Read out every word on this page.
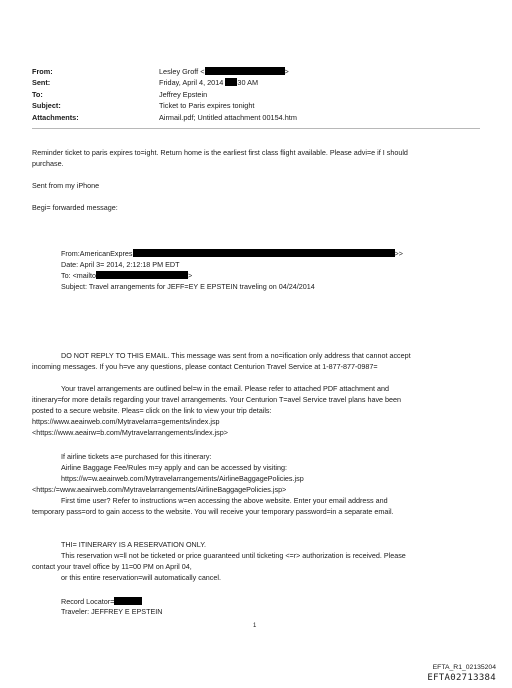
From:	Lesley Groff <	>
Sent:	Friday, April 4, 2014 30 AM
To:	Jeffrey Epstein
Subject:	Ticket to Paris expires tonight
Attachments:	Airmail.pdf; Untitled attachment 00154.htm
Reminder ticket to paris expires to=ight. Return home is the earliest first class flight available. Please advi=e if I should
purchase.
Sent from my iPhone
Begi= forwarded message:
From:AmericanExpres	>>
Date: April 3= 2014, 2:12:18 PM EDT
To: <mailto	>
Subject: Travel arrangements for JEFF=EY E EPSTEIN traveling on 04/24/2014
DO NOT REPLY TO THIS EMAIL. This message was sent from a no=ification only address that cannot accept
incoming messages. If you h=ve any questions, please contact Centurion Travel Service at 1-877-877-0987=
Your travel arrangements are outlined bel=w in the email. Please refer to attached PDF attachment and
itinerary=for more details regarding your travel arrangements. Your Centurion T=avel Service travel plans have been
posted to a secure website. Pleas= click on the link to view your trip details:
https://www.aeairweb.com/Mytravelarra=gements/index.jsp
<https://www.aeairw=b.com/Mytravelarrangements/index.jsp>
If airline tickets a=e purchased for this itinerary:
Airline Baggage Fee/Rules m=y apply and can be accessed by visiting:
https://w=w.aeairweb.com/Mytravelarrangements/AirlineBaggagePolicies.jsp
<https:/=www.aeairweb.com/Mytravelarrangements/AirlineBaggagePolicies.jsp>
First time user? Refer to instructions w=en accessing the above website. Enter your email address and
temporary pass=ord to gain access to the website. You will receive your temporary password=in a separate email.
THI= ITINERARY IS A RESERVATION ONLY.
This reservation w=ll not be ticketed or price guaranteed until ticketing <=r> authorization is received. Please
contact your travel office by 11=00 PM on April 04,
or this entire reservation=will automatically cancel.
Record Locator=
Traveler: JEFFREY E EPSTEIN
1
EFTA_R1_02135204
EFTA02713384
